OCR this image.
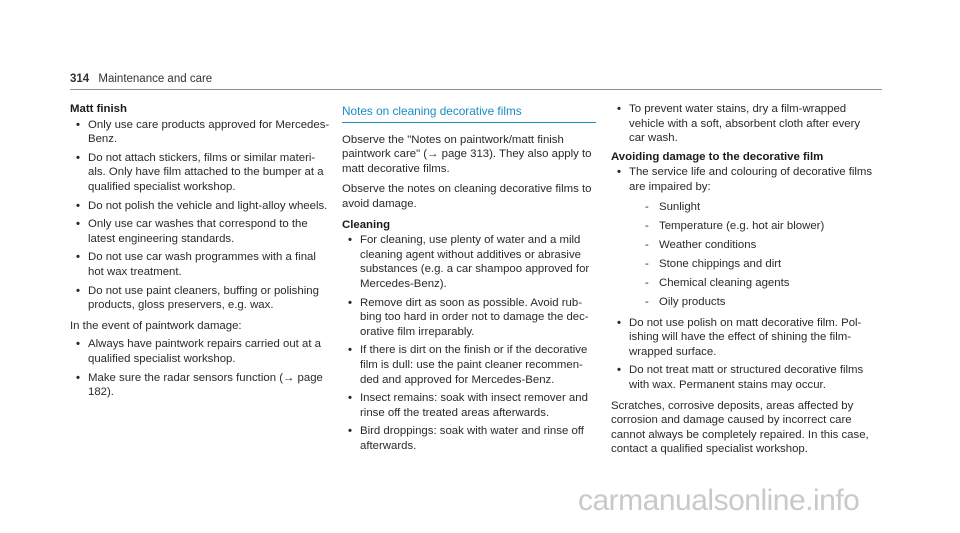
314 Maintenance and care
Matt finish
• Only use care products approved for Mercedes-Benz.
• Do not attach stickers, films or similar materi-als. Only have film attached to the bumper at a qualified specialist workshop.
• Do not polish the vehicle and light-alloy wheels.
• Only use car washes that correspond to the latest engineering standards.
• Do not use car wash programmes with a final hot wax treatment.
• Do not use paint cleaners, buffing or polishing products, gloss preservers, e.g. wax.

In the event of paintwork damage:

• Always have paintwork repairs carried out at a qualified specialist workshop.
• Make sure the radar sensors function (→ page 182).
Notes on cleaning decorative films

Observe the "Notes on paintwork/matt finish paintwork care" (→ page 313). They also apply to matt decorative films.

Observe the notes on cleaning decorative films to avoid damage.

Cleaning
• For cleaning, use plenty of water and a mild cleaning agent without additives or abrasive substances (e.g. a car shampoo approved for Mercedes-Benz).
• Remove dirt as soon as possible. Avoid rub-bing too hard in order not to damage the dec-orative film irreparably.
• If there is dirt on the finish or if the decorative film is dull: use the paint cleaner recommen-ded and approved for Mercedes-Benz.
• Insect remains: soak with insect remover and rinse off the treated areas afterwards.
• Bird droppings: soak with water and rinse off afterwards.
• To prevent water stains, dry a film-wrapped vehicle with a soft, absorbent cloth after every car wash.
Avoiding damage to the decorative film
• The service life and colouring of decorative films are impaired by:
- Sunlight
- Temperature (e.g. hot air blower)
- Weather conditions
- Stone chippings and dirt
- Chemical cleaning agents
- Oily products
• Do not use polish on matt decorative film. Pol-ishing will have the effect of shining the film-wrapped surface.
• Do not treat matt or structured decorative films with wax. Permanent stains may occur.

Scratches, corrosive deposits, areas affected by corrosion and damage caused by incorrect care cannot always be completely repaired. In this case, contact a qualified specialist workshop.

carmanualsonline.info
